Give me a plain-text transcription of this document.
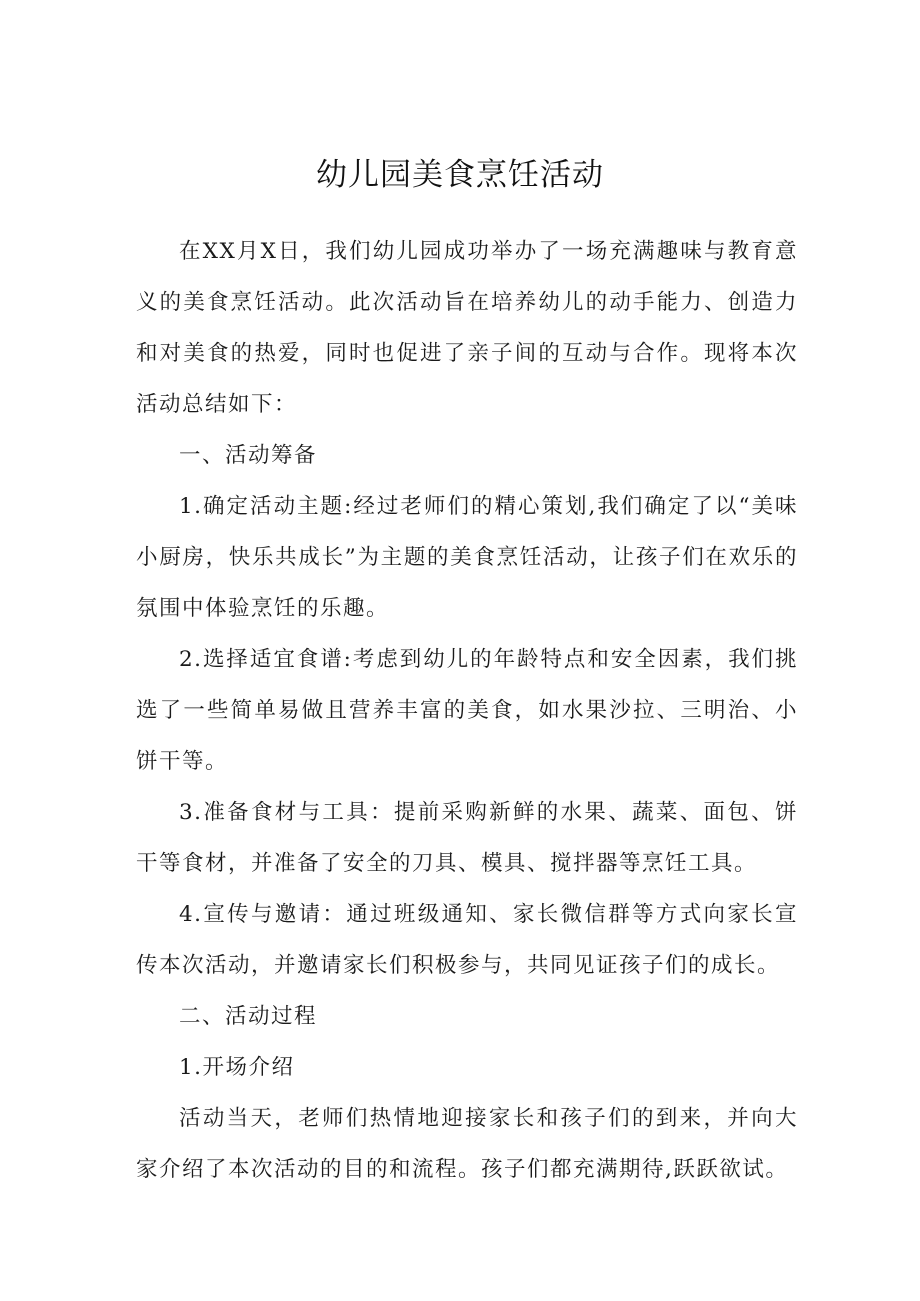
幼儿园美食烹饪活动

在XX月X日，我们幼儿园成功举办了一场充满趣味与教育意义的美食烹饪活动。此次活动旨在培养幼儿的动手能力、创造力和对美食的热爱，同时也促进了亲子间的互动与合作。现将本次活动总结如下：

一、活动筹备

1.确定活动主题:经过老师们的精心策划,我们确定了以“美味小厨房，快乐共成长”为主题的美食烹饪活动，让孩子们在欢乐的氛围中体验烹饪的乐趣。

2.选择适宜食谱:考虑到幼儿的年龄特点和安全因素，我们挑选了一些简单易做且营养丰富的美食，如水果沙拉、三明治、小饼干等。

3.准备食材与工具：提前采购新鲜的水果、蔬菜、面包、饼干等食材，并准备了安全的刀具、模具、搅拌器等烹饪工具。

4.宣传与邀请：通过班级通知、家长微信群等方式向家长宣传本次活动，并邀请家长们积极参与，共同见证孩子们的成长。

二、活动过程

1.开场介绍

活动当天，老师们热情地迎接家长和孩子们的到来，并向大家介绍了本次活动的目的和流程。孩子们都充满期待,跃跃欲试。
